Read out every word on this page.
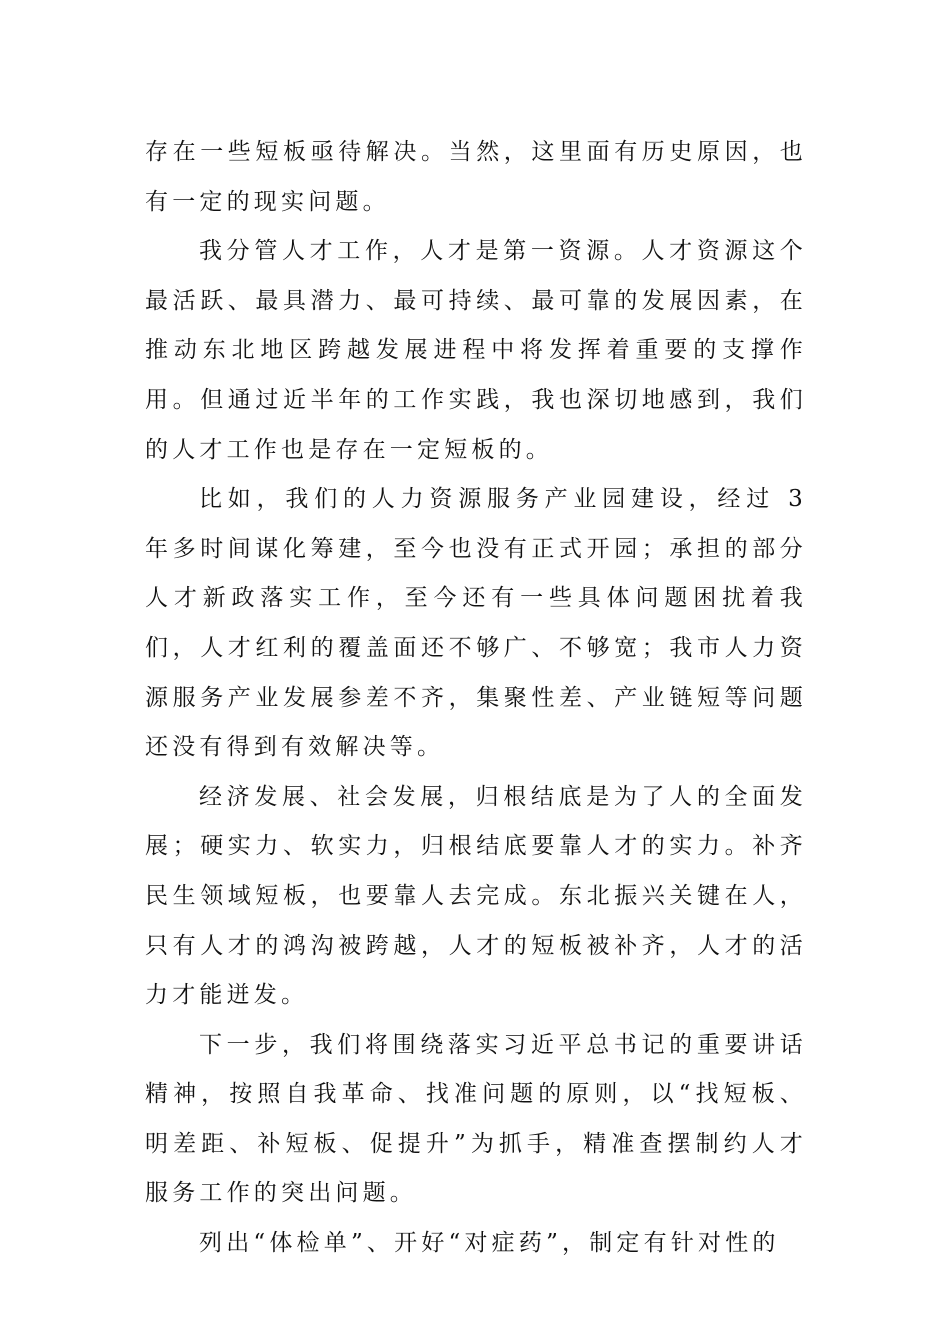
存在一些短板亟待解决。当然，这里面有历史原因，也有一定的现实问题。

我分管人才工作，人才是第一资源。人才资源这个最活跃、最具潜力、最可持续、最可靠的发展因素，在推动东北地区跨越发展进程中将发挥着重要的支撑作用。但通过近半年的工作实践，我也深切地感到，我们的人才工作也是存在一定短板的。

比如，我们的人力资源服务产业园建设，经过 3 年多时间谋化筹建，至今也没有正式开园；承担的部分人才新政落实工作，至今还有一些具体问题困扰着我们，人才红利的覆盖面还不够广、不够宽；我市人力资源服务产业发展参差不齐，集聚性差、产业链短等问题还没有得到有效解决等。

经济发展、社会发展，归根结底是为了人的全面发展；硬实力、软实力，归根结底要靠人才的实力。补齐民生领域短板，也要靠人去完成。东北振兴关键在人，只有人才的鸿沟被跨越，人才的短板被补齐，人才的活力才能迸发。

下一步，我们将围绕落实习近平总书记的重要讲话精神，按照自我革命、找准问题的原则，以“找短板、明差距、补短板、促提升”为抓手，精准查摆制约人才服务工作的突出问题。

列出“体检单”、开好“对症药”，制定有针对性的
